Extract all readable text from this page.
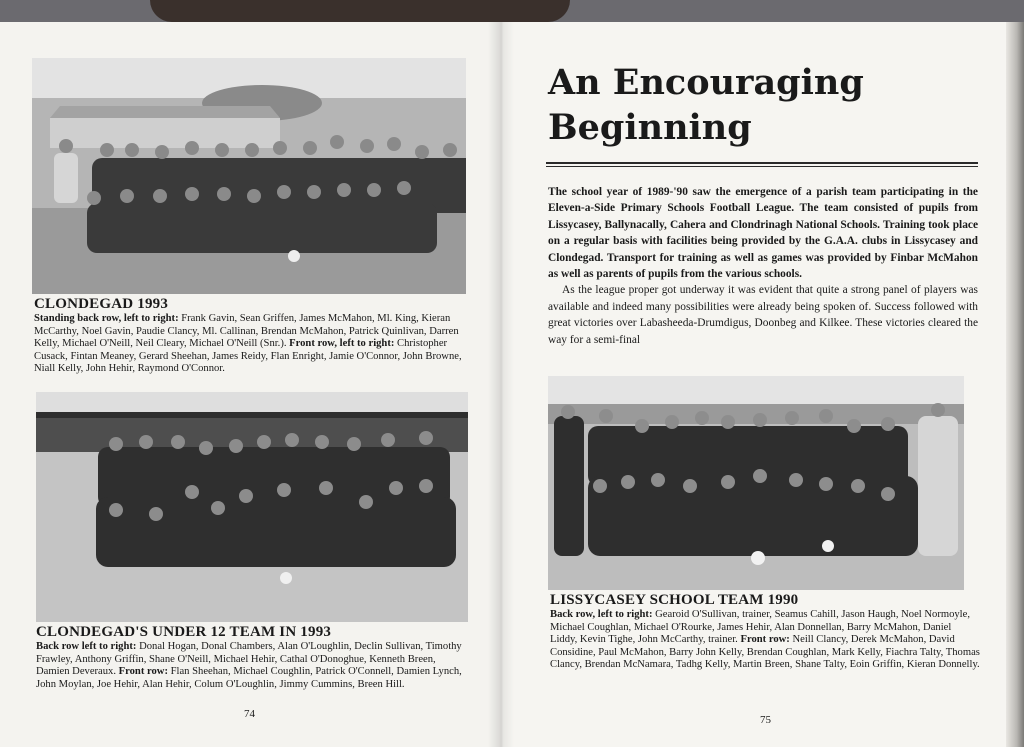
CLONDEGAD 1993

Standing back row, left to right: Frank Gavin, Sean Griffen, James McMahon, Ml. King, Kieran McCarthy, Noel Gavin, Paudie Clancy, Ml. Callinan, Brendan McMahon, Patrick Quinlivan, Darren Kelly, Michael O'Neill, Neil Cleary, Michael O'Neill (Snr.). Front row, left to right: Christopher Cusack, Fintan Meaney, Gerard Sheehan, James Reidy, Flan Enright, Jamie O'Connor, John Browne, Niall Kelly, John Hehir, Raymond O'Connor.

CLONDEGAD'S UNDER 12 TEAM IN 1993

Back row left to right: Donal Hogan, Donal Chambers, Alan O'Loughlin, Declin Sullivan, Timothy Frawley, Anthony Griffin, Shane O'Neill, Michael Hehir, Cathal O'Donoghue, Kenneth Breen, Damien Deveraux. Front row: Flan Sheehan, Michael Coughlin, Patrick O'Connell, Damien Lynch, John Moylan, Joe Hehir, Alan Hehir, Colum O'Loughlin, Jimmy Cummins, Breen Hill.

74
An Encouraging
Beginning

The school year of 1989-'90 saw the emergence of a parish team participating in the Eleven-a-Side Primary Schools Football League. The team consisted of pupils from Lissycasey, Ballynacally, Cahera and Clondrinagh National Schools. Training took place on a regular basis with facilities being provided by the G.A.A. clubs in Lissycasey and Clondegad. Transport for training as well as games was provided by Finbar McMahon as well as parents of pupils from the various schools.

As the league proper got underway it was evident that quite a strong panel of players was available and indeed many possibilities were already being spoken of. Success followed with great victories over Labasheeda-Drumdigus, Doonbeg and Kilkee. These victories cleared the way for a semi-final

LISSYCASEY SCHOOL TEAM 1990

Back row, left to right: Gearoid O'Sullivan, trainer, Seamus Cahill, Jason Haugh, Noel Normoyle, Michael Coughlan, Michael O'Rourke, James Hehir, Alan Donnellan, Barry McMahon, Daniel Liddy, Kevin Tighe, John McCarthy, trainer. Front row: Neill Clancy, Derek McMahon, David Considine, Paul McMahon, Barry John Kelly, Brendan Coughlan, Mark Kelly, Fiachra Talty, Thomas Clancy, Brendan McNamara, Tadhg Kelly, Martin Breen, Shane Talty, Eoin Griffin, Kieran Donnelly.

75
